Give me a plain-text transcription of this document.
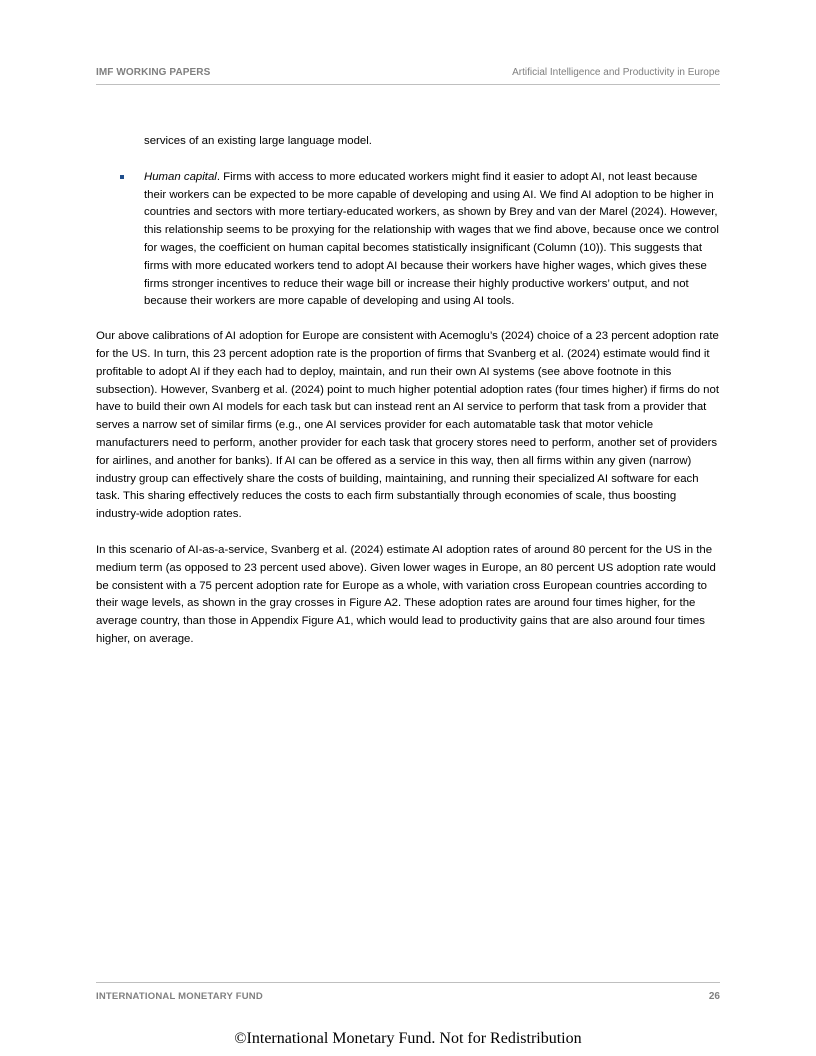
IMF WORKING PAPERS	Artificial Intelligence and Productivity in Europe

services of an existing large language model.

Human capital. Firms with access to more educated workers might find it easier to adopt AI, not least because their workers can be expected to be more capable of developing and using AI. We find AI adoption to be higher in countries and sectors with more tertiary-educated workers, as shown by Brey and van der Marel (2024). However, this relationship seems to be proxying for the relationship with wages that we find above, because once we control for wages, the coefficient on human capital becomes statistically insignificant (Column (10)). This suggests that firms with more educated workers tend to adopt AI because their workers have higher wages, which gives these firms stronger incentives to reduce their wage bill or increase their highly productive workers’ output, and not because their workers are more capable of developing and using AI tools.

Our above calibrations of AI adoption for Europe are consistent with Acemoglu’s (2024) choice of a 23 percent adoption rate for the US. In turn, this 23 percent adoption rate is the proportion of firms that Svanberg et al. (2024) estimate would find it profitable to adopt AI if they each had to deploy, maintain, and run their own AI systems (see above footnote in this subsection). However, Svanberg et al. (2024) point to much higher potential adoption rates (four times higher) if firms do not have to build their own AI models for each task but can instead rent an AI service to perform that task from a provider that serves a narrow set of similar firms (e.g., one AI services provider for each automatable task that motor vehicle manufacturers need to perform, another provider for each task that grocery stores need to perform, another set of providers for airlines, and another for banks). If AI can be offered as a service in this way, then all firms within any given (narrow) industry group can effectively share the costs of building, maintaining, and running their specialized AI software for each task. This sharing effectively reduces the costs to each firm substantially through economies of scale, thus boosting industry-wide adoption rates.

In this scenario of AI-as-a-service, Svanberg et al. (2024) estimate AI adoption rates of around 80 percent for the US in the medium term (as opposed to 23 percent used above). Given lower wages in Europe, an 80 percent US adoption rate would be consistent with a 75 percent adoption rate for Europe as a whole, with variation cross European countries according to their wage levels, as shown in the gray crosses in Figure A2. These adoption rates are around four times higher, for the average country, than those in Appendix Figure A1, which would lead to productivity gains that are also around four times higher, on average.

INTERNATIONAL MONETARY FUND	26
©International Monetary Fund. Not for Redistribution
